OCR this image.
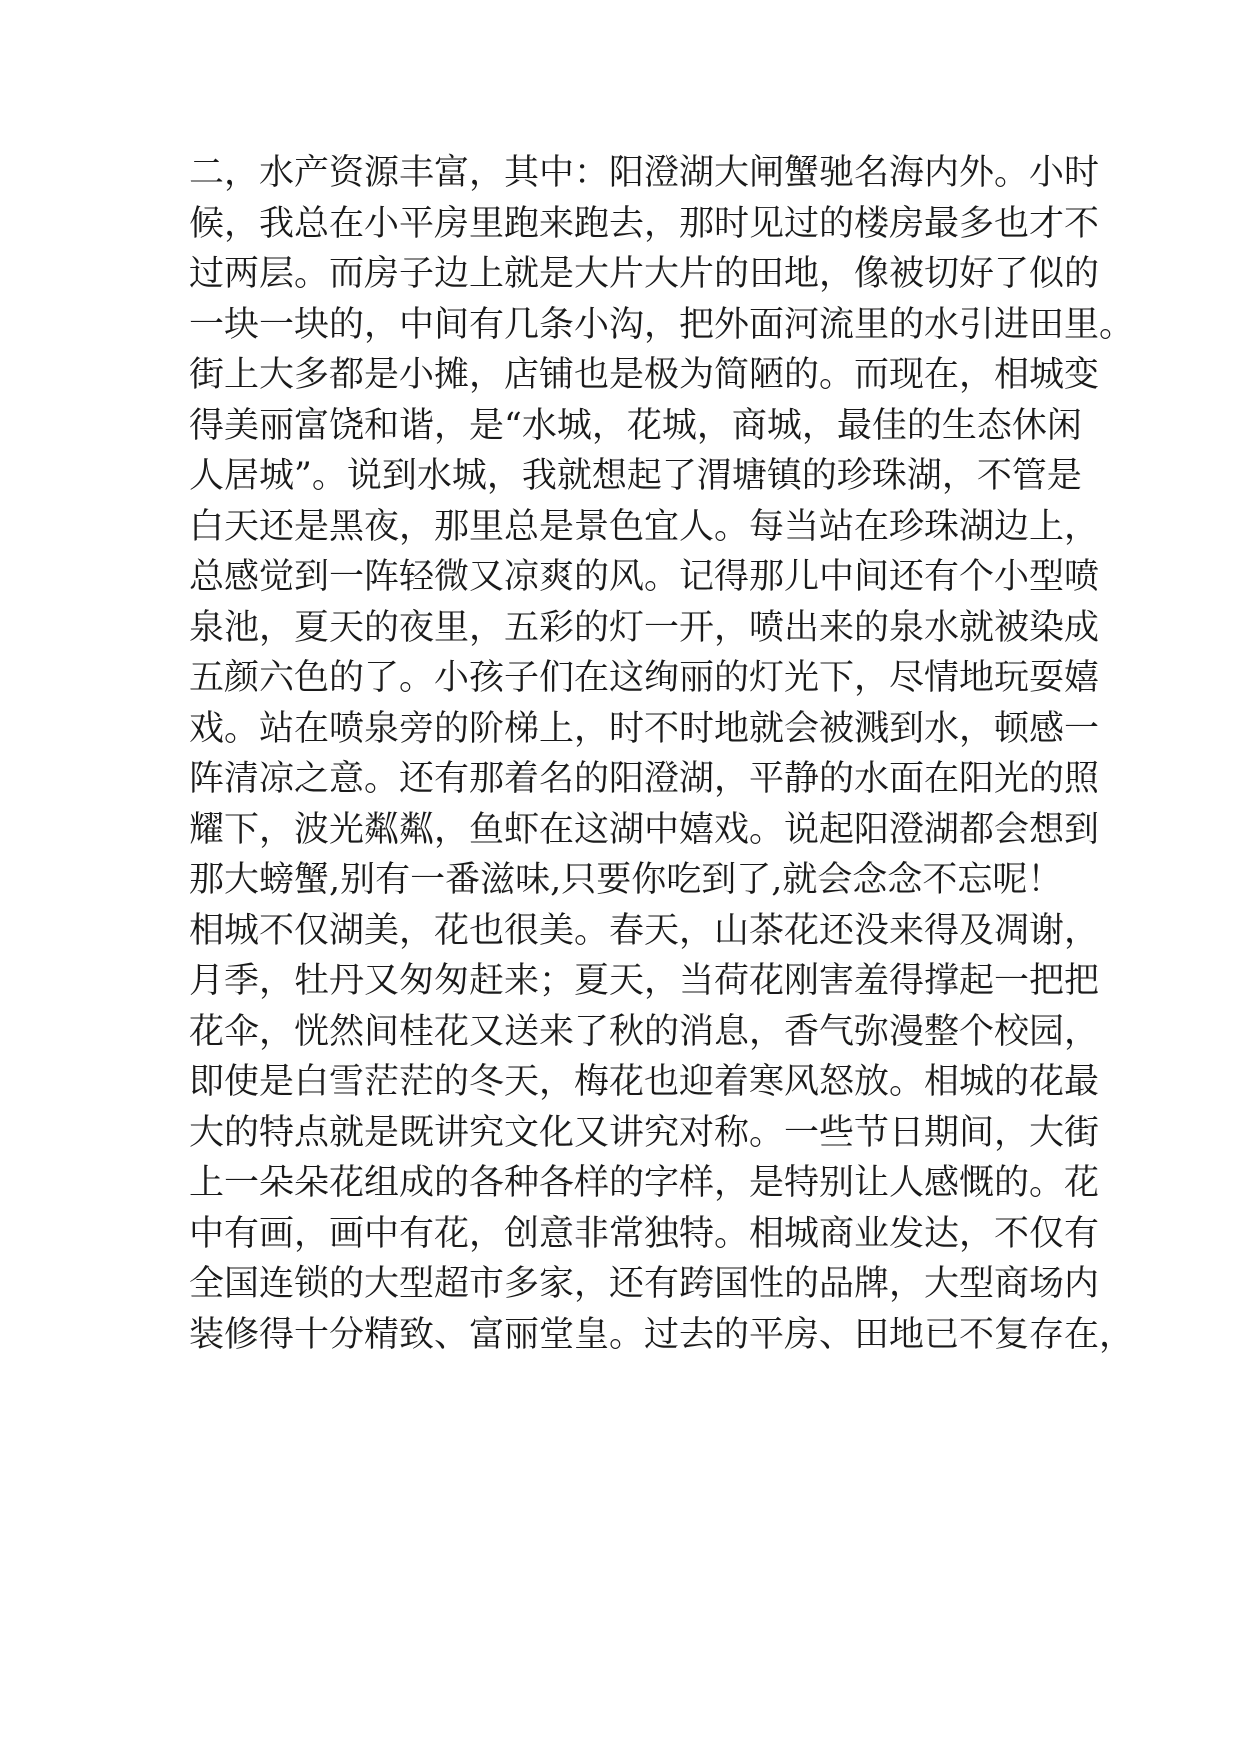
二，水产资源丰富，其中：阳澄湖大闸蟹驰名海内外。小时
候，我总在小平房里跑来跑去，那时见过的楼房最多也才不
过两层。而房子边上就是大片大片的田地，像被切好了似的
一块一块的，中间有几条小沟，把外面河流里的水引进田里。
街上大多都是小摊，店铺也是极为简陋的。而现在，相城变
得美丽富饶和谐，是“水城，花城，商城，最佳的生态休闲
人居城”。说到水城，我就想起了渭塘镇的珍珠湖，不管是
白天还是黑夜，那里总是景色宜人。每当站在珍珠湖边上，
总感觉到一阵轻微又凉爽的风。记得那儿中间还有个小型喷
泉池，夏天的夜里，五彩的灯一开，喷出来的泉水就被染成
五颜六色的了。小孩子们在这绚丽的灯光下，尽情地玩耍嬉
戏。站在喷泉旁的阶梯上，时不时地就会被溅到水，顿感一
阵清凉之意。还有那着名的阳澄湖，平静的水面在阳光的照
耀下，波光粼粼，鱼虾在这湖中嬉戏。说起阳澄湖都会想到
那大螃蟹,别有一番滋味,只要你吃到了,就会念念不忘呢！
相城不仅湖美，花也很美。春天，山茶花还没来得及凋谢，
月季，牡丹又匆匆赶来；夏天，当荷花刚害羞得撑起一把把
花伞，恍然间桂花又送来了秋的消息，香气弥漫整个校园，
即使是白雪茫茫的冬天，梅花也迎着寒风怒放。相城的花最
大的特点就是既讲究文化又讲究对称。一些节日期间，大街
上一朵朵花组成的各种各样的字样，是特别让人感慨的。花
中有画，画中有花，创意非常独特。相城商业发达，不仅有
全国连锁的大型超市多家，还有跨国性的品牌，大型商场内
装修得十分精致、富丽堂皇。过去的平房、田地已不复存在，
